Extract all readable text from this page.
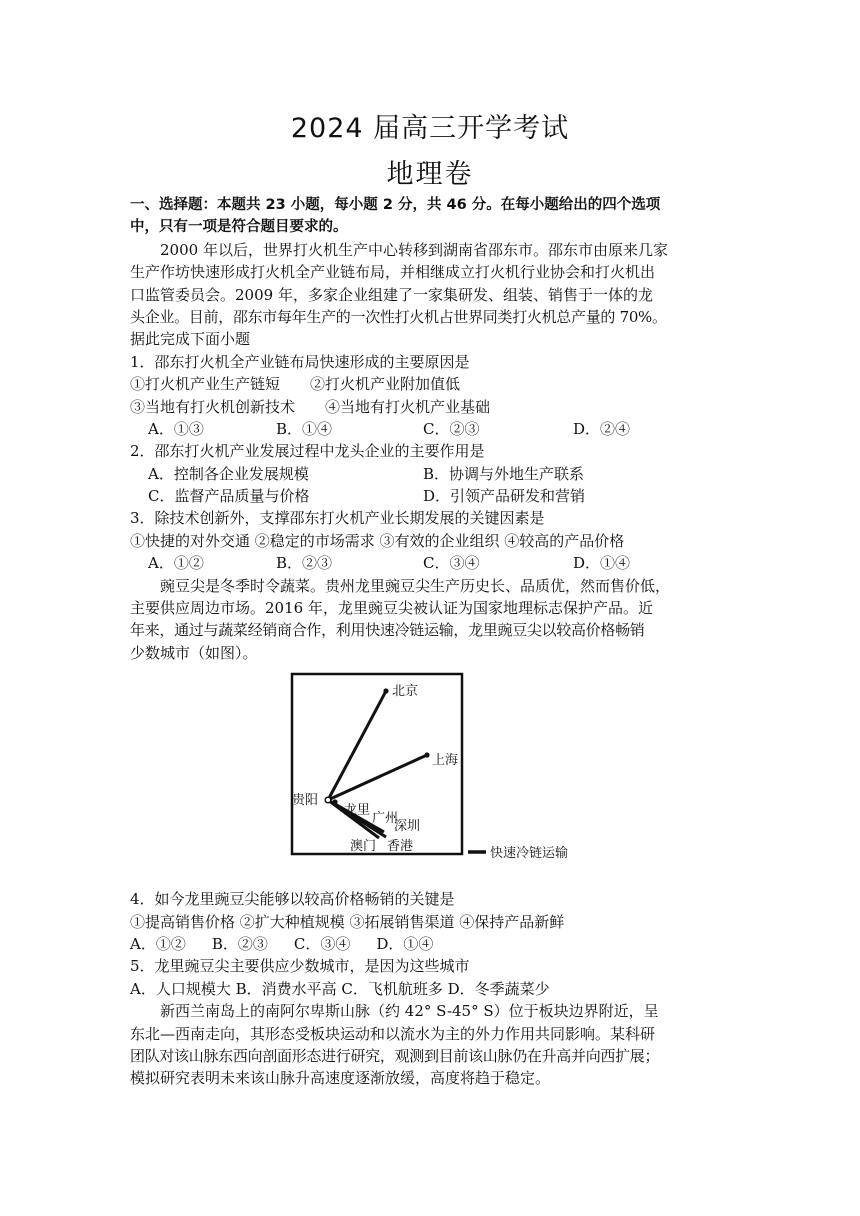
2024 届高三开学考试
地理卷
一、选择题：本题共 23 小题，每小题 2 分，共 46 分。在每小题给出的四个选项
中，只有一项是符合题目要求的。
2000 年以后，世界打火机生产中心转移到湖南省邵东市。邵东市由原来几家
生产作坊快速形成打火机全产业链布局，并相继成立打火机行业协会和打火机出
口监管委员会。2009 年，多家企业组建了一家集研发、组装、销售于一体的龙
头企业。目前，邵东市每年生产的一次性打火机占世界同类打火机总产量的 70%。
据此完成下面小题
1．邵东打火机全产业链布局快速形成的主要原因是
①打火机产业生产链短　　②打火机产业附加值低
③当地有打火机创新技术　　④当地有打火机产业基础
A．①③	B．①④	C．②③	D．②④
2．邵东打火机产业发展过程中龙头企业的主要作用是
A．控制各企业发展规模	B．协调与外地生产联系
C．监督产品质量与价格	D．引领产品研发和营销
3．除技术创新外，支撑邵东打火机产业长期发展的关键因素是
①快捷的对外交通 ②稳定的市场需求 ③有效的企业组织 ④较高的产品价格
A．①②	B．②③	C．③④	D．①④
豌豆尖是冬季时令蔬菜。贵州龙里豌豆尖生产历史长、品质优，然而售价低，
主要供应周边市场。2016 年，龙里豌豆尖被认证为国家地理标志保护产品。近
年来，通过与蔬菜经销商合作，利用快速冷链运输，龙里豌豆尖以较高价格畅销
少数城市（如图）。
北京
上海
贵阳
龙里
广州
深圳
澳门 香港	快速冷链运输
4．如今龙里豌豆尖能够以较高价格畅销的关键是
①提高销售价格 ②扩大种植规模 ③拓展销售渠道 ④保持产品新鲜
A．①② B．②③ C．③④ D．①④
5．龙里豌豆尖主要供应少数城市，是因为这些城市
A．人口规模大 B．消费水平高 C．飞机航班多 D．冬季蔬菜少
新西兰南岛上的南阿尔卑斯山脉（约 42° S-45° S）位于板块边界附近，呈
东北—西南走向，其形态受板块运动和以流水为主的外力作用共同影响。某科研
团队对该山脉东西向剖面形态进行研究，观测到目前该山脉仍在升高并向西扩展；
模拟研究表明未来该山脉升高速度逐渐放缓，高度将趋于稳定。
